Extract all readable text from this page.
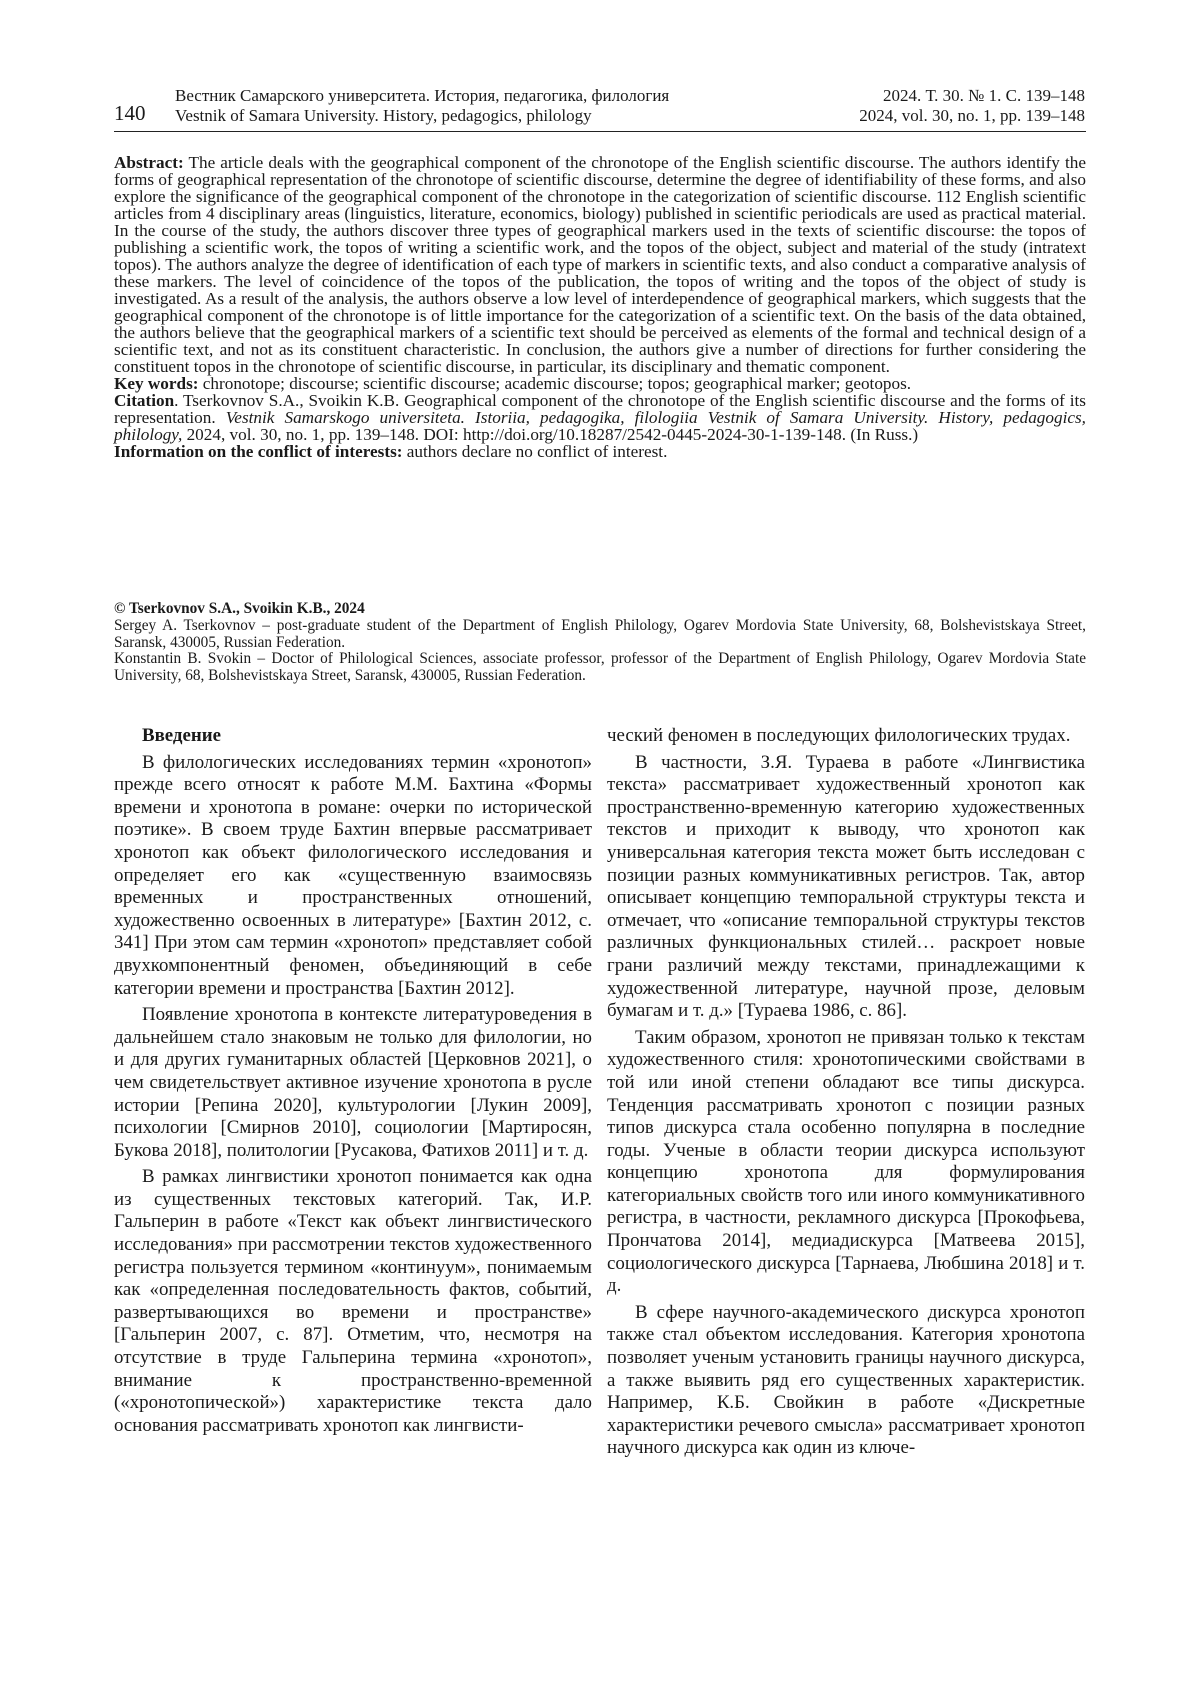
140
Вестник Самарского университета. История, педагогика, филология	2024. Т. 30. № 1. С. 139–148
Vestnik of Samara University. History, pedagogics, philology	2024, vol. 30, no. 1, pp. 139–148

Abstract: The article deals with the geographical component of the chronotope of the English scientific discourse. The authors identify the forms of geographical representation of the chronotope of scientific discourse, determine the degree of identifiability of these forms, and also explore the significance of the geographical component of the chronotope in the categorization of scientific discourse. 112 English scientific articles from 4 disciplinary areas (linguistics, literature, economics, biology) published in scientific periodicals are used as practical material. In the course of the study, the authors discover three types of geographical markers used in the texts of scientific discourse: the topos of publishing a scientific work, the topos of writing a scientific work, and the topos of the object, subject and material of the study (intratext topos). The authors analyze the degree of identification of each type of markers in scientific texts, and also conduct a comparative analysis of these markers. The level of coincidence of the topos of the publication, the topos of writing and the topos of the object of study is investigated. As a result of the analysis, the authors observe a low level of interdependence of geographical markers, which suggests that the geographical component of the chronotope is of little importance for the categorization of a scientific text. On the basis of the data obtained, the authors believe that the geographical markers of a scientific text should be perceived as elements of the formal and technical design of a scientific text, and not as its constituent characteristic. In conclusion, the authors give a number of directions for further considering the constituent topos in the chronotope of scientific discourse, in particular, its disciplinary and thematic component.

Key words: chronotope; discourse; scientific discourse; academic discourse; topos; geographical marker; geotopos.

Citation. Tserkovnov S.A., Svoikin K.B. Geographical component of the chronotope of the English scientific discourse and the forms of its representation. Vestnik Samarskogo universiteta. Istoriia, pedagogika, filologiia Vestnik of Samara University. History, pedagogics, philology, 2024, vol. 30, no. 1, pp. 139–148. DOI: http://doi.org/10.18287/2542-0445-2024-30-1-139-148. (In Russ.)

Information on the conflict of interests: authors declare no conflict of interest.

© Tserkovnov S.A., Svoikin K.B., 2024

Sergey A. Tserkovnov – post-graduate student of the Department of English Philology, Ogarev Mordovia State University, 68, Bolshevistskaya Street, Saransk, 430005, Russian Federation.

Konstantin B. Svokin – Doctor of Philological Sciences, associate professor, professor of the Department of English Philology, Ogarev Mordovia State University, 68, Bolshevistskaya Street, Saransk, 430005, Russian Federation.

Введение

В филологических исследованиях термин «хронотоп» прежде всего относят к работе М.М. Бахтина «Формы времени и хронотопа в романе: очерки по исторической поэтике». В своем труде Бахтин впервые рассматривает хронотоп как объект филологического исследования и определяет его как «существенную взаимосвязь временных и пространственных отношений, художественно освоенных в литературе» [Бахтин 2012, с. 341] При этом сам термин «хронотоп» представляет собой двухкомпонентный феномен, объединяющий в себе категории времени и пространства [Бахтин 2012].

Появление хронотопа в контексте литературоведения в дальнейшем стало знаковым не только для филологии, но и для других гуманитарных областей [Церковнов 2021], о чем свидетельствует активное изучение хронотопа в русле истории [Репина 2020], культурологии [Лукин 2009], психологии [Смирнов 2010], социологии [Мартиросян, Букова 2018], политологии [Русакова, Фатихов 2011] и т. д.

В рамках лингвистики хронотоп понимается как одна из существенных текстовых категорий. Так, И.Р. Гальперин в работе «Текст как объект лингвистического исследования» при рассмотрении текстов художественного регистра пользуется термином «континуум», понимаемым как «определенная последовательность фактов, событий, развертывающихся во времени и пространстве» [Гальперин 2007, с. 87]. Отметим, что, несмотря на отсутствие в труде Гальперина термина «хронотоп», внимание к пространственно-временной («хронотопической») характеристике текста дало основания рассматривать хронотоп как лингвисти-

ческий феномен в последующих филологических трудах.

В частности, З.Я. Тураева в работе «Лингвистика текста» рассматривает художественный хронотоп как пространственно-временную категорию художественных текстов и приходит к выводу, что хронотоп как универсальная категория текста может быть исследован с позиции разных коммуникативных регистров. Так, автор описывает концепцию темпоральной структуры текста и отмечает, что «описание темпоральной структуры текстов различных функциональных стилей… раскроет новые грани различий между текстами, принадлежащими к художественной литературе, научной прозе, деловым бумагам и т. д.» [Тураева 1986, с. 86].

Таким образом, хронотоп не привязан только к текстам художественного стиля: хронотопическими свойствами в той или иной степени обладают все типы дискурса. Тенденция рассматривать хронотоп с позиции разных типов дискурса стала особенно популярна в последние годы. Ученые в области теории дискурса используют концепцию хронотопа для формулирования категориальных свойств того или иного коммуникативного регистра, в частности, рекламного дискурса [Прокофьева, Прончатова 2014], медиадискурса [Матвеева 2015], социологического дискурса [Тарнаева, Любшина 2018] и т. д.

В сфере научного-академического дискурса хронотоп также стал объектом исследования. Категория хронотопа позволяет ученым установить границы научного дискурса, а также выявить ряд его существенных характеристик. Например, К.Б. Свойкин в работе «Дискретные характеристики речевого смысла» рассматривает хронотоп научного дискурса как один из ключе-
